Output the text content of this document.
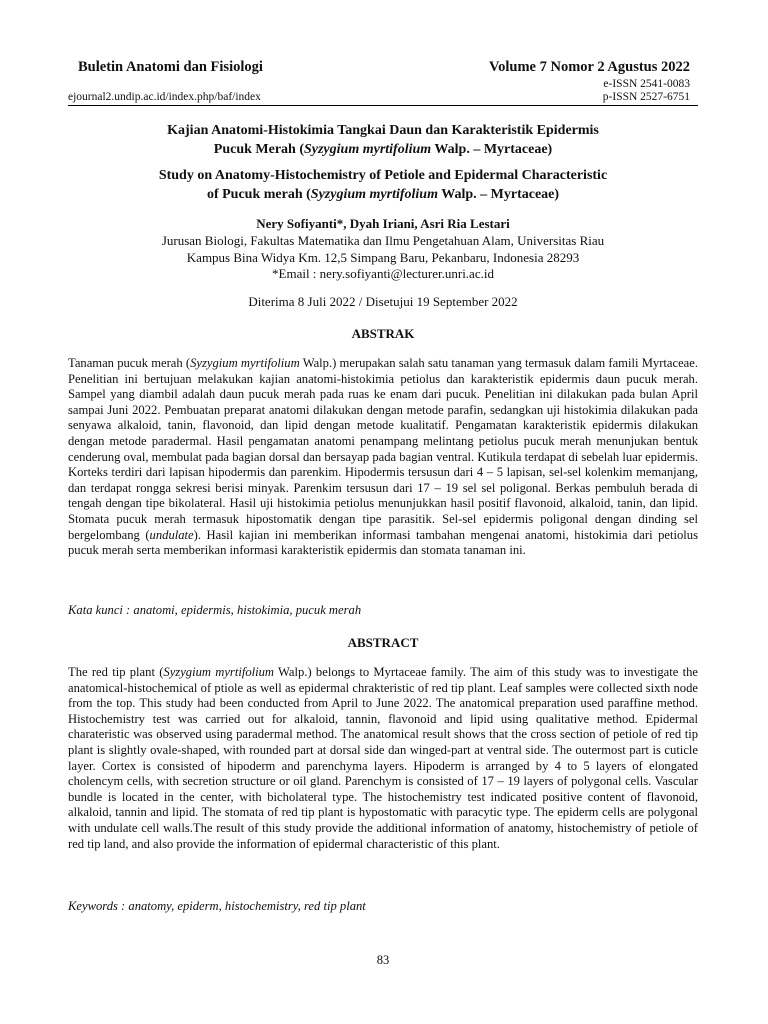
Buletin Anatomi dan Fisiologi	Volume 7 Nomor 2 Agustus 2022
e-ISSN 2541-0083
ejournal2.undip.ac.id/index.php/baf/index	p-ISSN 2527-6751
Kajian Anatomi-Histokimia Tangkai Daun dan Karakteristik Epidermis
Pucuk Merah (Syzygium myrtifolium Walp. – Myrtaceae)
Study on Anatomy-Histochemistry of Petiole and Epidermal Characteristic
of Pucuk merah (Syzygium myrtifolium Walp. – Myrtaceae)
Nery Sofiyanti*, Dyah Iriani, Asri Ria Lestari
Jurusan Biologi, Fakultas Matematika dan Ilmu Pengetahuan Alam, Universitas Riau
Kampus Bina Widya Km. 12,5 Simpang Baru, Pekanbaru, Indonesia 28293
*Email : nery.sofiyanti@lecturer.unri.ac.id
Diterima 8 Juli 2022 / Disetujui 19 September 2022
ABSTRAK

Tanaman pucuk merah (Syzygium myrtifolium Walp.) merupakan salah satu tanaman yang termasuk dalam famili Myrtaceae. Penelitian ini bertujuan melakukan kajian anatomi-histokimia petiolus dan karakteristik epidermis daun pucuk merah. Sampel yang diambil adalah daun pucuk merah pada ruas ke enam dari pucuk. Penelitian ini dilakukan pada bulan April sampai Juni 2022. Pembuatan preparat anatomi dilakukan dengan metode parafin, sedangkan uji histokimia dilakukan pada senyawa alkaloid, tanin, flavonoid, dan lipid dengan metode kualitatif. Pengamatan karakteristik epidermis dilakukan dengan metode paradermal. Hasil pengamatan anatomi penampang melintang petiolus pucuk merah menunjukan bentuk cenderung oval, membulat pada bagian dorsal dan bersayap pada bagian ventral. Kutikula terdapat di sebelah luar epidermis. Korteks terdiri dari lapisan hipodermis dan parenkim. Hipodermis tersusun dari 4 – 5 lapisan, sel-sel kolenkim memanjang, dan terdapat rongga sekresi berisi minyak. Parenkim tersusun dari 17 – 19 sel sel poligonal. Berkas pembuluh berada di tengah dengan tipe bikolateral. Hasil uji histokimia petiolus menunjukkan hasil positif flavonoid, alkaloid, tanin, dan lipid. Stomata pucuk merah termasuk hipostomatik dengan tipe parasitik. Sel-sel epidermis poligonal dengan dinding sel bergelombang (undulate). Hasil kajian ini memberikan informasi tambahan mengenai anatomi, histokimia dari petiolus pucuk merah serta memberikan informasi karakteristik epidermis dan stomata tanaman ini.

Kata kunci : anatomi, epidermis, histokimia, pucuk merah
ABSTRACT

The red tip plant (Syzygium myrtifolium Walp.) belongs to Myrtaceae family. The aim of this study was to investigate the anatomical-histochemical of ptiole as well as epidermal chrakteristic of red tip plant. Leaf samples were collected sixth node from the top. This study had been conducted from April to June 2022. The anatomical preparation used paraffine method. Histochemistry test was carried out for alkaloid, tannin, flavonoid and lipid using qualitative method. Epidermal charateristic was observed using paradermal method. The anatomical result shows that the cross section of petiole of red tip plant is slightly ovale-shaped, with rounded part at dorsal side dan winged-part at ventral side. The outermost part is cuticle layer. Cortex is consisted of hipoderm and parenchyma layers. Hipoderm is arranged by 4 to 5 layers of elongated cholencym cells, with secretion structure or oil gland. Parenchym is consisted of 17 – 19 layers of polygonal cells. Vascular bundle is located in the center, with bicholateral type. The histochemistry test indicated positive content of flavonoid, alkaloid, tannin and lipid. The stomata of red tip plant is hypostomatic with paracytic type. The epiderm cells are polygonal with undulate cell walls.The result of this study provide the additional information of anatomy, histochemistry of petiole of red tip land, and also provide the information of epidermal characteristic of this plant.

Keywords : anatomy, epiderm, histochemistry, red tip plant
83
